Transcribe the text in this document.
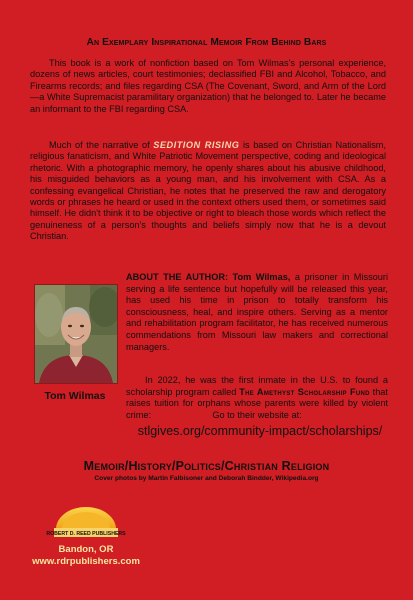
An Exemplary Inspirational Memoir From Behind Bars

This book is a work of nonfiction based on Tom Wilmas's personal experience, dozens of news articles, court testimonies; declassified FBI and Alcohol, Tobacco, and Firearms records; and files regarding CSA (The Covenant, Sword, and Arm of the Lord—a White Supremacist paramilitary organization) that he belonged to. Later he became an informant to the FBI regarding CSA.

Much of the narrative of SEDITION RISING is based on Christian Nationalism, religious fanaticism, and White Patriotic Movement perspective, coding and ideological rhetoric. With a photographic memory, he openly shares about his abusive childhood, his misguided behaviors as a young man, and his involvement with CSA. As a confessing evangelical Christian, he notes that he preserved the raw and derogatory words or phrases he heard or used in the context others used them, or sometimes said himself. He didn't think it to be objective or right to bleach those words which reflect the genuineness of a person's thoughts and beliefs simply now that he is a devout Christian.

Tom Wilmas

ABOUT THE AUTHOR: Tom Wilmas, a prisoner in Missouri serving a life sentence but hopefully will be released this year, has used his time in prison to totally transform his consciousness, heal, and inspire others. Serving as a mentor and rehabilitation program facilitator, he has received numerous commendations from Missouri law makers and correctional managers.

In 2022, he was the first inmate in the U.S. to found a scholarship program called The Amethyst Scholarship Fund that raises tuition for orphans whose parents were killed by violent crime:	Go to their website at:
stlgives.org/community-impact/scholarships/
Memoir/History/Politics/Christian Religion
Cover photos by Martin Falbisoner and Deborah Bindder, Wikipedia.org
ROBERT D. REED PUBLISHERS
Bandon, OR
www.rdrpublishers.com
